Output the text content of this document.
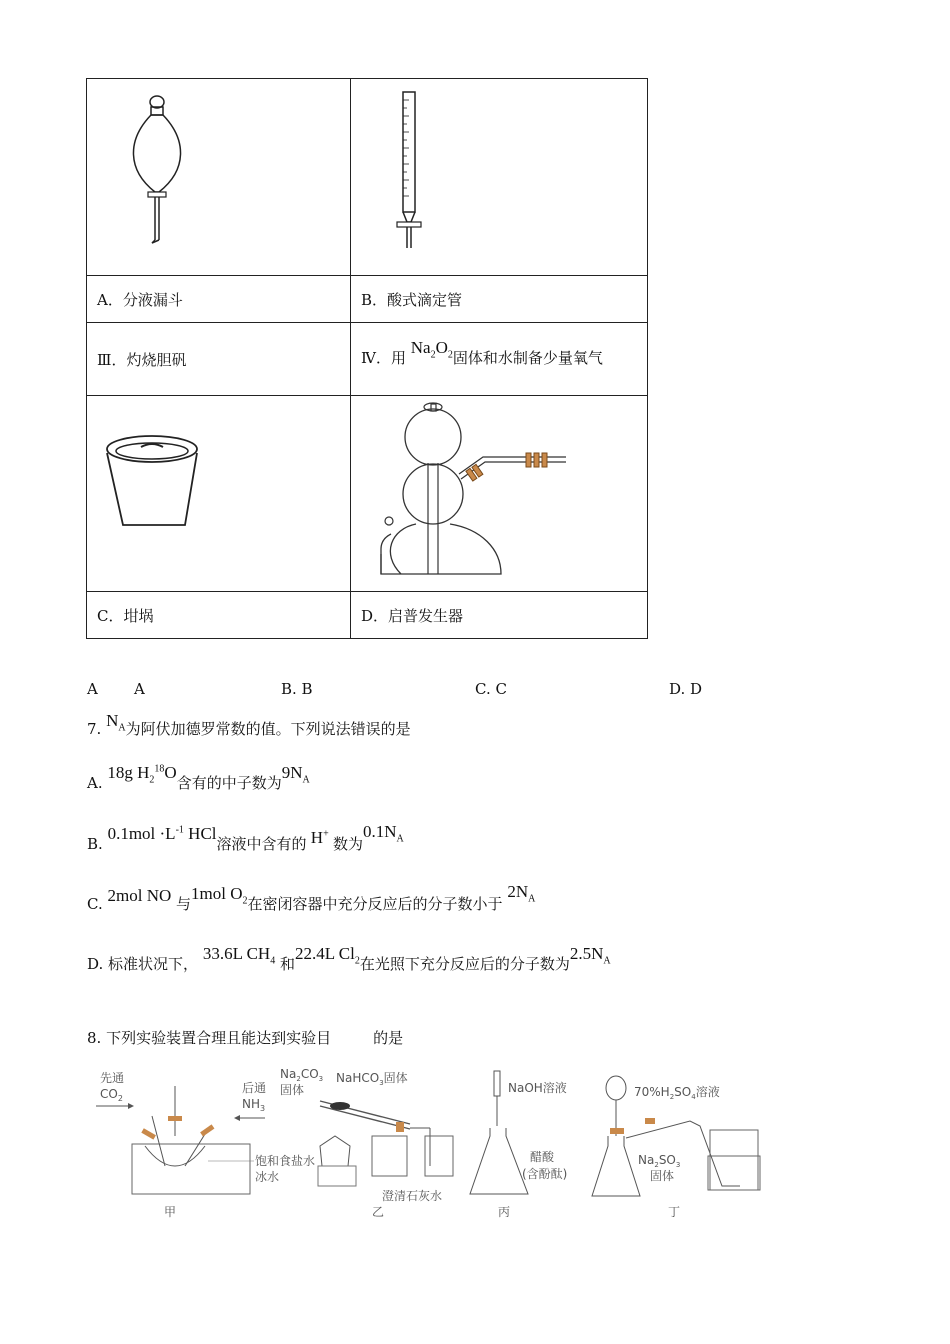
A．分液漏斗	B．酸式滴定管
Ⅲ．灼烧胆矾	Ⅳ．用 $Na_2O_2$固体和水制备少量氧气

C．坩埚	D．启普发生器
A A	B. B	C. C	D. D
7. $N_A$为阿伏加德罗常数的值。下列说法错误的是
A. 18g $H_2^{18}O$含有的中子数为$9N_A$
B. $0.1mol \cdot L^{-1}$ HCl溶液中含有的 H+ 数为$0.1N_A$
C. 2mol NO 与1mol $O_2$在密闭容器中充分反应后的分子数小于 $2N_A$
D. 标准状况下， 33.6L $CH_4$ 和22.4L $Cl_2$在光照下充分反应后的分子数为$2.5N_A$
8. 下列实验装置合理且能达到实验目	的是
先通
$CO_2$
后通
$NH_3$
饱和食盐水
冰水
甲
$Na_2CO_3$
固体
NaHCO$_3$固体
澄清石灰水
乙
NaOH溶液
醋酸
(含酚酞)
丙
$70\%H_2SO_4$溶液
$Na_2SO_3$
固体
丁
